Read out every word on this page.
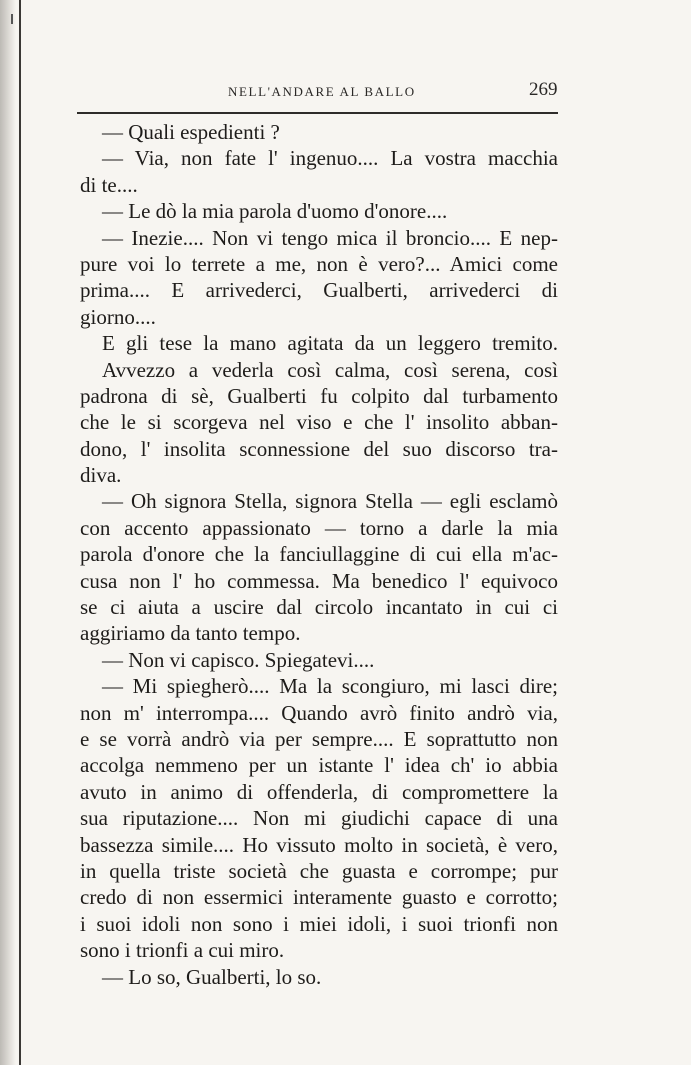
NELL'ANDARE AL BALLO	269
— Quali espedienti ?
— Via, non fate l' ingenuo.... La vostra macchia
di te....
— Le dò la mia parola d'uomo d'onore....
— Inezie.... Non vi tengo mica il broncio.... E nep-
pure voi lo terrete a me, non è vero?... Amici come
prima.... E arrivederci, Gualberti, arrivederci di
giorno....
E gli tese la mano agitata da un leggero tremito.
Avvezzo a vederla così calma, così serena, così
padrona di sè, Gualberti fu colpito dal turbamento
che le si scorgeva nel viso e che l' insolito abban-
dono, l' insolita sconnessione del suo discorso tra-
diva.
— Oh signora Stella, signora Stella — egli esclamò
con accento appassionato — torno a darle la mia
parola d'onore che la fanciullaggine di cui ella m'ac-
cusa non l' ho commessa. Ma benedico l' equivoco
se ci aiuta a uscire dal circolo incantato in cui ci
aggiriamo da tanto tempo.
— Non vi capisco. Spiegatevi....
— Mi spiegherò.... Ma la scongiuro, mi lasci dire;
non m' interrompa.... Quando avrò finito andrò via,
e se vorrà andrò via per sempre.... E soprattutto non
accolga nemmeno per un istante l' idea ch' io abbia
avuto in animo di offenderla, di compromettere la
sua riputazione.... Non mi giudichi capace di una
bassezza simile.... Ho vissuto molto in società, è vero,
in quella triste società che guasta e corrompe; pur
credo di non essermici interamente guasto e corrotto;
i suoi idoli non sono i miei idoli, i suoi trionfi non
sono i trionfi a cui miro.
— Lo so, Gualberti, lo so.
